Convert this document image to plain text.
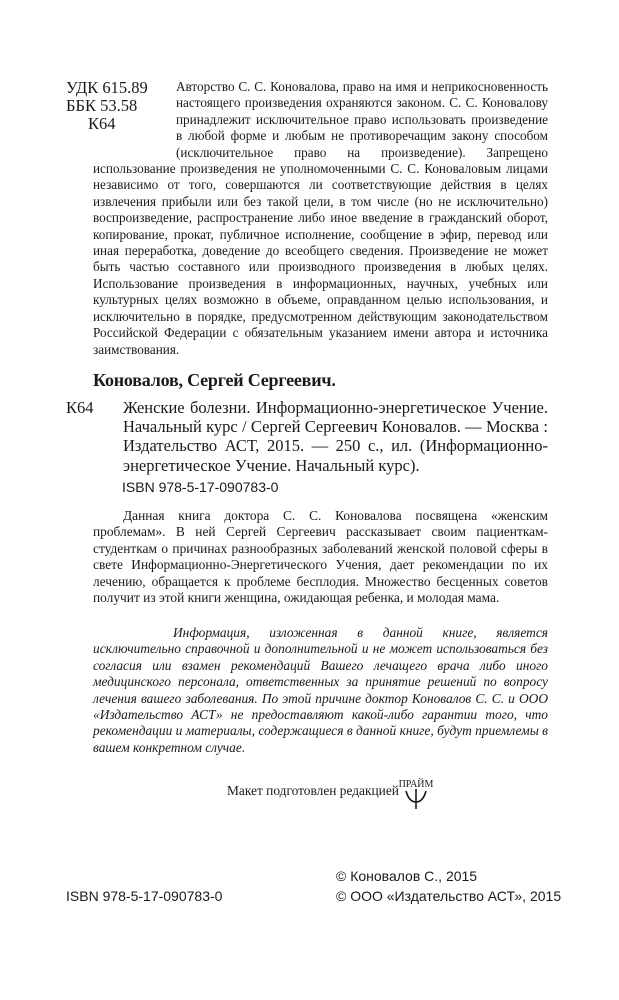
УДК 615.89
ББК 53.58
К64
Авторство С. С. Коновалова, право на имя и неприкосновенность настоящего произведения охраняются законом. С. С. Коновалову принадлежит исключительное право использовать произведение в любой форме и любым не противоречащим закону способом (исключительное право на произведение). Запрещено использование произведения не уполномоченными С. С. Коноваловым лицами независимо от того, совершаются ли соответствующие действия в целях извлечения прибыли или без такой цели, в том числе (но не исключительно) воспроизведение, распространение либо иное введение в гражданский оборот, копирование, прокат, публичное исполнение, сообщение в эфир, перевод или иная переработка, доведение до всеобщего сведения. Произведение не может быть частью составного или производного произведения в любых целях. Использование произведения в информационных, научных, учебных или культурных целях возможно в объеме, оправданном целью использования, и исключительно в порядке, предусмотренном действующим законодательством Российской Федерации с обязательным указанием имени автора и источника заимствования.
Коновалов, Сергей Сергеевич.
К64 Женские болезни. Информационно-энергетическое Учение. Начальный курс / Сергей Сергеевич Коновалов. — Москва : Издательство АСТ, 2015. — 250 с., ил. (Информационно-энергетическое Учение. Начальный курс).
ISBN 978-5-17-090783-0

Данная книга доктора С. С. Коновалова посвящена «женским проблемам». В ней Сергей Сергеевич рассказывает своим пациенткам-студенткам о причинах разнообразных заболеваний женской половой сферы в свете Информационно-Энергетического Учения, дает рекомендации по их лечению, обращается к проблеме бесплодия. Множество бесценных советов получит из этой книги женщина, ожидающая ребенка, и молодая мама.

Информация, изложенная в данной книге, является исключительно справочной и дополнительной и не может использоваться без согласия или взамен рекомендаций Вашего лечащего врача либо иного медицинского персонала, ответственных за принятие решений по вопросу лечения вашего заболевания. По этой причине доктор Коновалов С. С. и ООО «Издательство АСТ» не предоставляют какой-либо гарантии того, что рекомендации и материалы, содержащиеся в данной книге, будут приемлемы в вашем конкретном случае.

Макет подготовлен редакцией ПРАЙМ
© Коновалов С., 2015
© ООО «Издательство АСТ», 2015
ISBN 978-5-17-090783-0
